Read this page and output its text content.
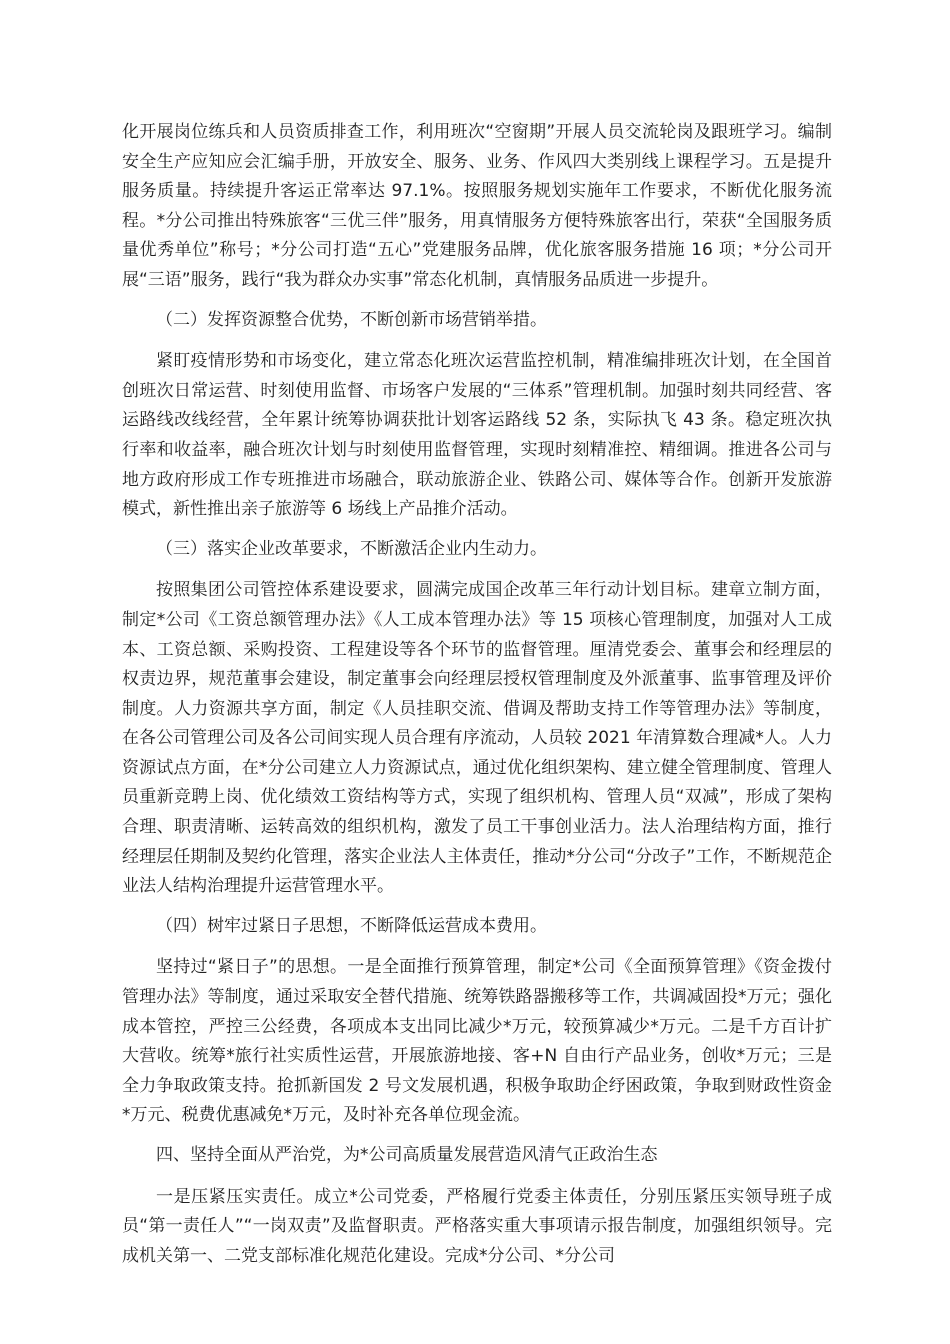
化开展岗位练兵和人员资质排查工作，利用班次“空窗期”开展人员交流轮岗及跟班学习。编制安全生产应知应会汇编手册，开放安全、服务、业务、作风四大类别线上课程学习。五是提升服务质量。持续提升客运正常率达 97.1%。按照服务规划实施年工作要求，不断优化服务流程。*分公司推出特殊旅客“三优三伴”服务，用真情服务方便特殊旅客出行，荣获“全国服务质量优秀单位”称号；*分公司打造“五心”党建服务品牌，优化旅客服务措施 16 项；*分公司开展“三语”服务，践行“我为群众办实事”常态化机制，真情服务品质进一步提升。

（二）发挥资源整合优势，不断创新市场营销举措。

紧盯疫情形势和市场变化，建立常态化班次运营监控机制，精准编排班次计划，在全国首创班次日常运营、时刻使用监督、市场客户发展的“三体系”管理机制。加强时刻共同经营、客运路线改线经营，全年累计统筹协调获批计划客运路线 52 条，实际执飞 43 条。稳定班次执行率和收益率，融合班次计划与时刻使用监督管理，实现时刻精准控、精细调。推进各公司与地方政府形成工作专班推进市场融合，联动旅游企业、铁路公司、媒体等合作。创新开发旅游模式，新性推出亲子旅游等 6 场线上产品推介活动。

（三）落实企业改革要求，不断激活企业内生动力。

按照集团公司管控体系建设要求，圆满完成国企改革三年行动计划目标。建章立制方面，制定*公司《工资总额管理办法》《人工成本管理办法》等 15 项核心管理制度，加强对人工成本、工资总额、采购投资、工程建设等各个环节的监督管理。厘清党委会、董事会和经理层的权责边界，规范董事会建设，制定董事会向经理层授权管理制度及外派董事、监事管理及评价制度。人力资源共享方面，制定《人员挂职交流、借调及帮助支持工作等管理办法》等制度，在各公司管理公司及各公司间实现人员合理有序流动，人员较 2021 年清算数合理减*人。人力资源试点方面，在*分公司建立人力资源试点，通过优化组织架构、建立健全管理制度、管理人员重新竞聘上岗、优化绩效工资结构等方式，实现了组织机构、管理人员“双减”，形成了架构合理、职责清晰、运转高效的组织机构，激发了员工干事创业活力。法人治理结构方面，推行经理层任期制及契约化管理，落实企业法人主体责任，推动*分公司“分改子”工作，不断规范企业法人结构治理提升运营管理水平。

（四）树牢过紧日子思想，不断降低运营成本费用。

坚持过“紧日子”的思想。一是全面推行预算管理，制定*公司《全面预算管理》《资金拨付管理办法》等制度，通过采取安全替代措施、统筹铁路器搬移等工作，共调减固投*万元；强化成本管控，严控三公经费，各项成本支出同比减少*万元，较预算减少*万元。二是千方百计扩大营收。统筹*旅行社实质性运营，开展旅游地接、客+N 自由行产品业务，创收*万元；三是全力争取政策支持。抢抓新国发 2 号文发展机遇，积极争取助企纾困政策，争取到财政性资金*万元、税费优惠减免*万元，及时补充各单位现金流。

四、坚持全面从严治党，为*公司高质量发展营造风清气正政治生态

一是压紧压实责任。成立*公司党委，严格履行党委主体责任，分别压紧压实领导班子成员“第一责任人”“一岗双责”及监督职责。严格落实重大事项请示报告制度，加强组织领导。完成机关第一、二党支部标准化规范化建设。完成*分公司、*分公司
